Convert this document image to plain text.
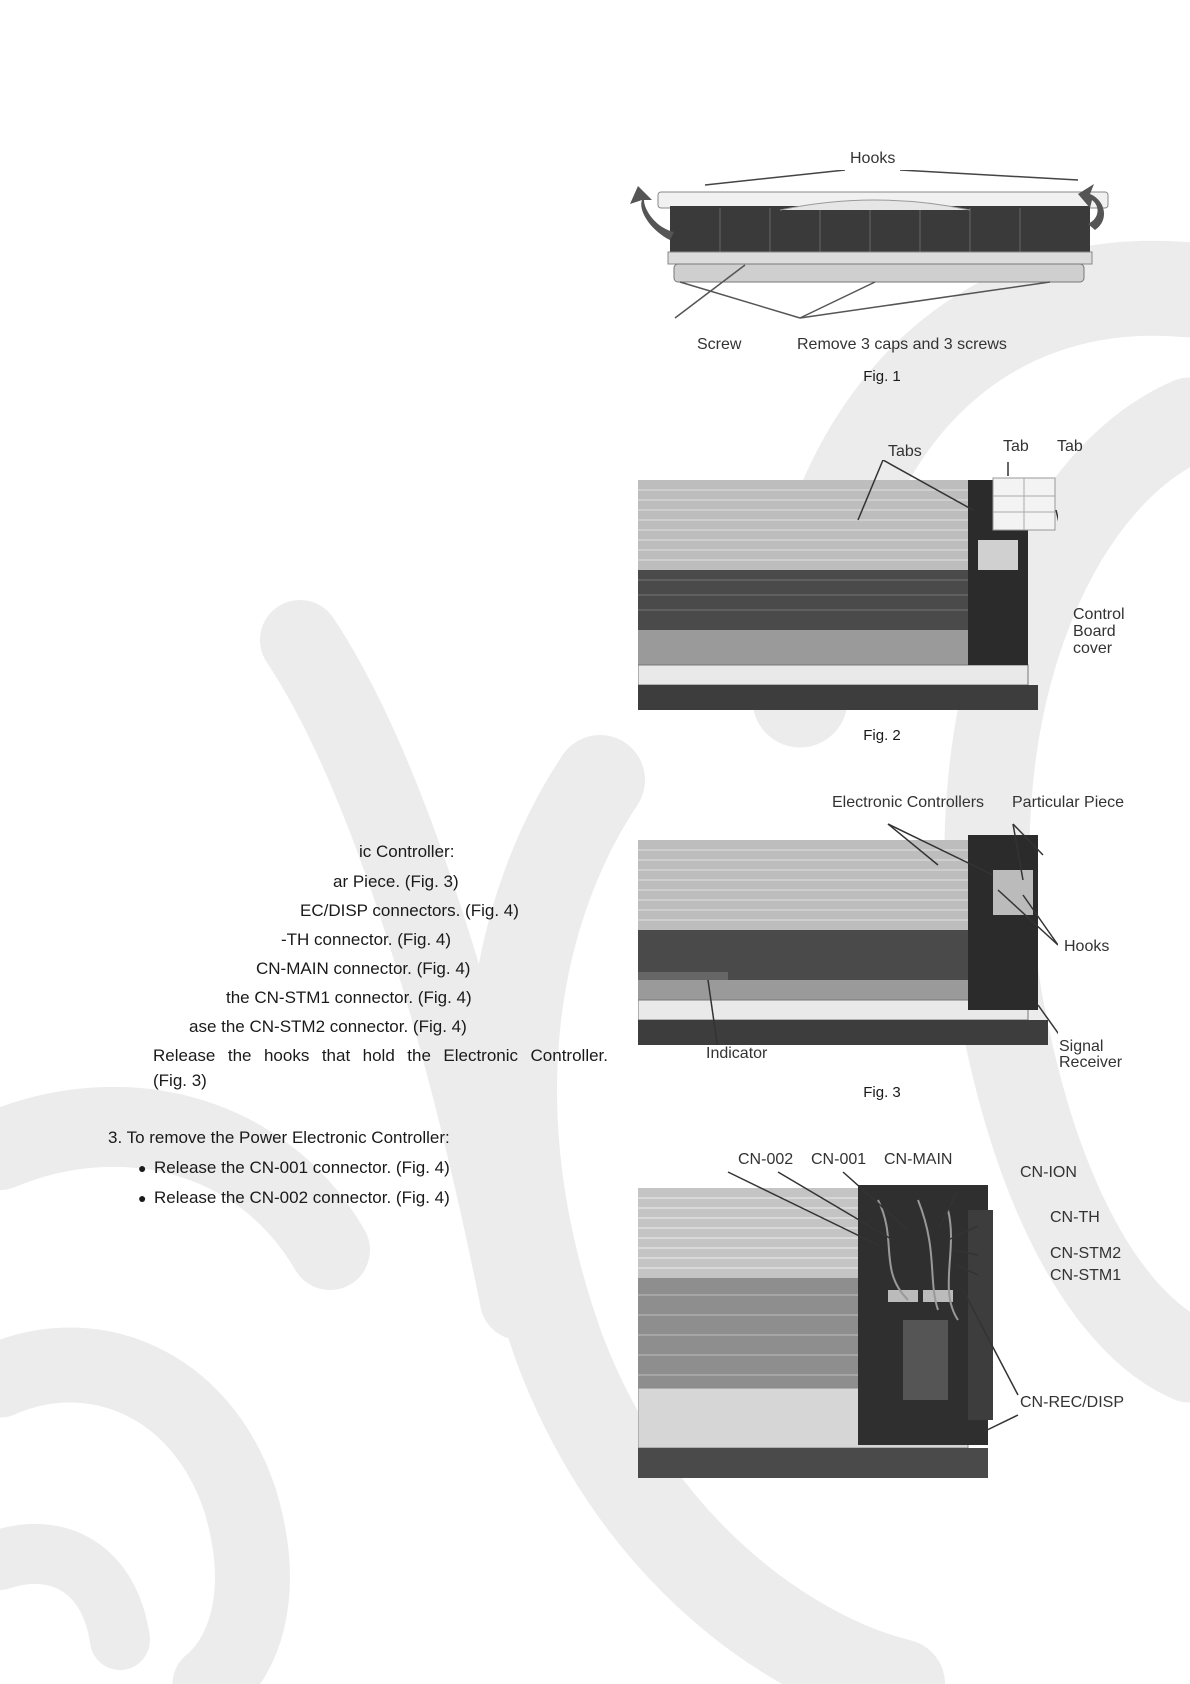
ic Controller:
ar Piece. (Fig. 3)
EC/DISP connectors. (Fig. 4)
-TH connector. (Fig. 4)
CN-MAIN connector. (Fig. 4)
the CN-STM1 connector. (Fig. 4)
ase the CN-STM2 connector. (Fig. 4)
Release the hooks that hold the Electronic Controller.
(Fig. 3)
3. To remove the Power Electronic Controller:
● Release the CN-001 connector. (Fig. 4)
● Release the CN-002 connector. (Fig. 4)
Hooks
Screw	Remove 3 caps and 3 screws
Fig. 1
Tabs	Tab Tab
Control
Board
cover
Fig. 2
Electronic Controllers Particular Piece
Hooks
Indicator	Signal
Receiver
Fig. 3
CN-002 CN-001 CN-MAIN
CN-ION
CN-TH
CN-STM2
CN-STM1
CN-REC/DISP
